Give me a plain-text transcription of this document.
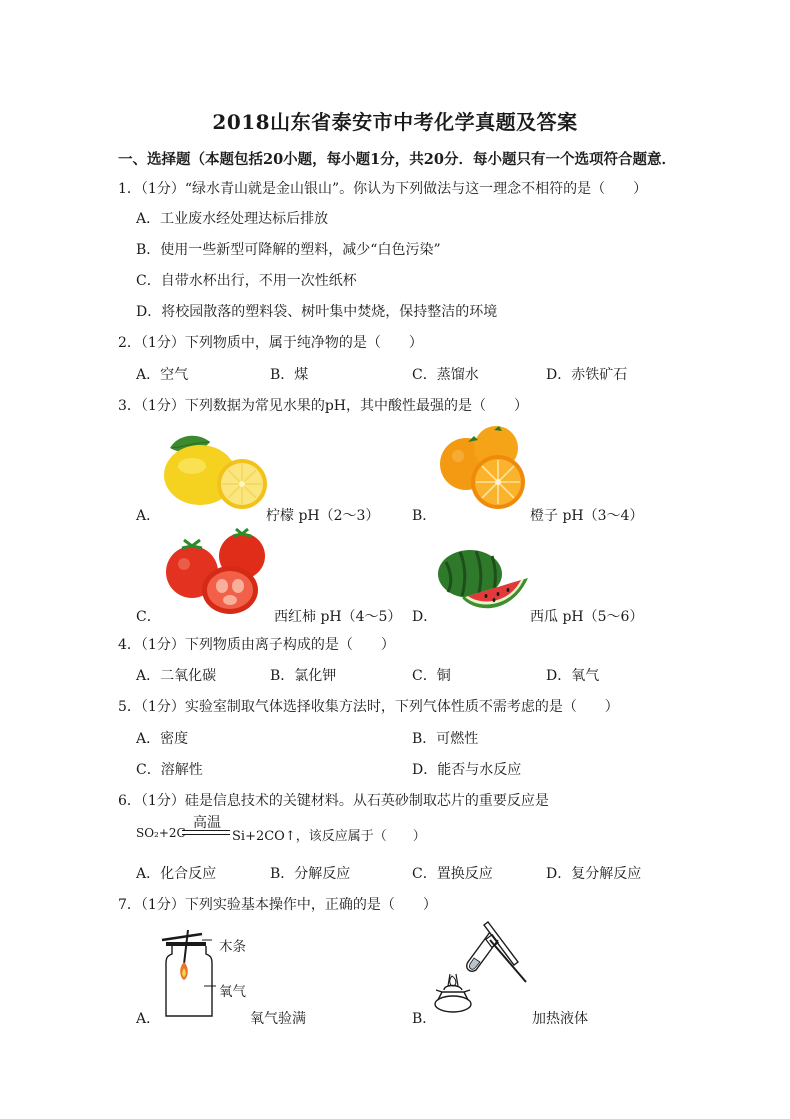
2018山东省泰安市中考化学真题及答案
一、选择题（本题包括20小题，每小题1分，共20分．每小题只有一个选项符合题意．
1．（1分）“绿水青山就是金山银山”。你认为下列做法与这一理念不相符的是（　　）
A．工业废水经处理达标后排放
B．使用一些新型可降解的塑料，减少“白色污染”
C．自带水杯出行，不用一次性纸杯
D．将校园散落的塑料袋、树叶集中焚烧，保持整洁的环境
2．（1分）下列物质中，属于纯净物的是（　　）
A．空气	B．煤	C．蒸馏水	D．赤铁矿石
3．（1分）下列数据为常见水果的pH，其中酸性最强的是（　　）
A．	柠檬 pH（2～3） B．	橙子 pH（3～4）
C．	西红柿 pH（4～5） D．	西瓜 pH（5～6）
4．（1分）下列物质由离子构成的是（　　）
A．二氧化碳	B．氯化钾	C．铜	D．氧气
5．（1分）实验室制取气体选择收集方法时，下列气体性质不需考虑的是（　　）
A．密度	B．可燃性
C．溶解性	D．能否与水反应
6．（1分）硅是信息技术的关键材料。从石英砂制取芯片的重要反应是
SO₂+2C
高温
Si+2CO↑，该反应属于（　　）
A．化合反应	B．分解反应	C．置换反应	D．复分解反应
7．（1分）下列实验基本操作中，正确的是（　　）
木条
氧气
A．	氧气验满	B．	加热液体
